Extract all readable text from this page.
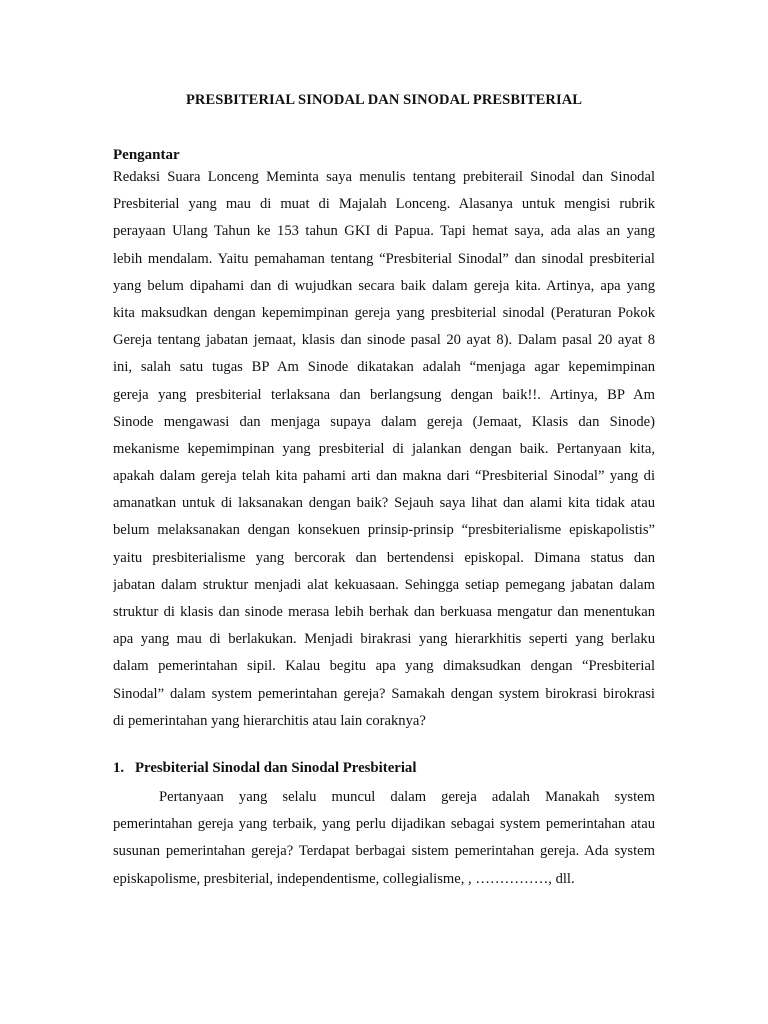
PRESBITERIAL SINODAL DAN SINODAL PRESBITERIAL
Pengantar
Redaksi Suara Lonceng Meminta saya menulis tentang prebiterail Sinodal dan Sinodal
Presbiterial yang mau di muat di Majalah Lonceng. Alasanya untuk mengisi rubrik
perayaan Ulang Tahun ke 153 tahun GKI di Papua. Tapi hemat saya, ada alas an yang
lebih mendalam. Yaitu pemahaman tentang “Presbiterial Sinodal” dan sinodal presbiterial
yang belum dipahami dan di wujudkan secara baik dalam gereja kita. Artinya, apa yang
kita maksudkan dengan kepemimpinan gereja yang presbiterial sinodal (Peraturan Pokok
Gereja tentang jabatan jemaat, klasis dan sinode pasal 20 ayat 8). Dalam pasal 20 ayat 8
ini, salah satu tugas BP Am Sinode dikatakan adalah “menjaga agar kepemimpinan
gereja yang presbiterial terlaksana dan berlangsung dengan baik!!. Artinya, BP Am
Sinode mengawasi dan menjaga supaya dalam gereja (Jemaat, Klasis dan Sinode)
mekanisme kepemimpinan yang presbiterial di jalankan dengan baik. Pertanyaan kita,
apakah dalam gereja telah kita pahami arti dan makna dari “Presbiterial Sinodal” yang di
amanatkan untuk di laksanakan dengan baik? Sejauh saya lihat dan alami kita tidak atau
belum melaksanakan dengan konsekuen prinsip-prinsip “presbiterialisme episkapolistis”
yaitu presbiterialisme yang bercorak dan bertendensi episkopal. Dimana status dan
jabatan dalam struktur menjadi alat kekuasaan. Sehingga setiap pemegang jabatan dalam
struktur di klasis dan sinode merasa lebih berhak dan berkuasa mengatur dan menentukan
apa yang mau di berlakukan. Menjadi birakrasi yang hierarkhitis seperti yang berlaku
dalam pemerintahan sipil. Kalau begitu apa yang dimaksudkan dengan “Presbiterial
Sinodal” dalam system pemerintahan gereja? Samakah dengan system birokrasi birokrasi
di pemerintahan yang hierarchitis atau lain coraknya?
1. Presbiterial Sinodal dan Sinodal Presbiterial
Pertanyaan yang selalu muncul dalam gereja adalah Manakah system
pemerintahan gereja yang terbaik, yang perlu dijadikan sebagai system pemerintahan atau
susunan pemerintahan gereja? Terdapat berbagai sistem pemerintahan gereja. Ada system
episkapolisme, presbiterial, independentisme, collegialisme, , ……………, dll.
